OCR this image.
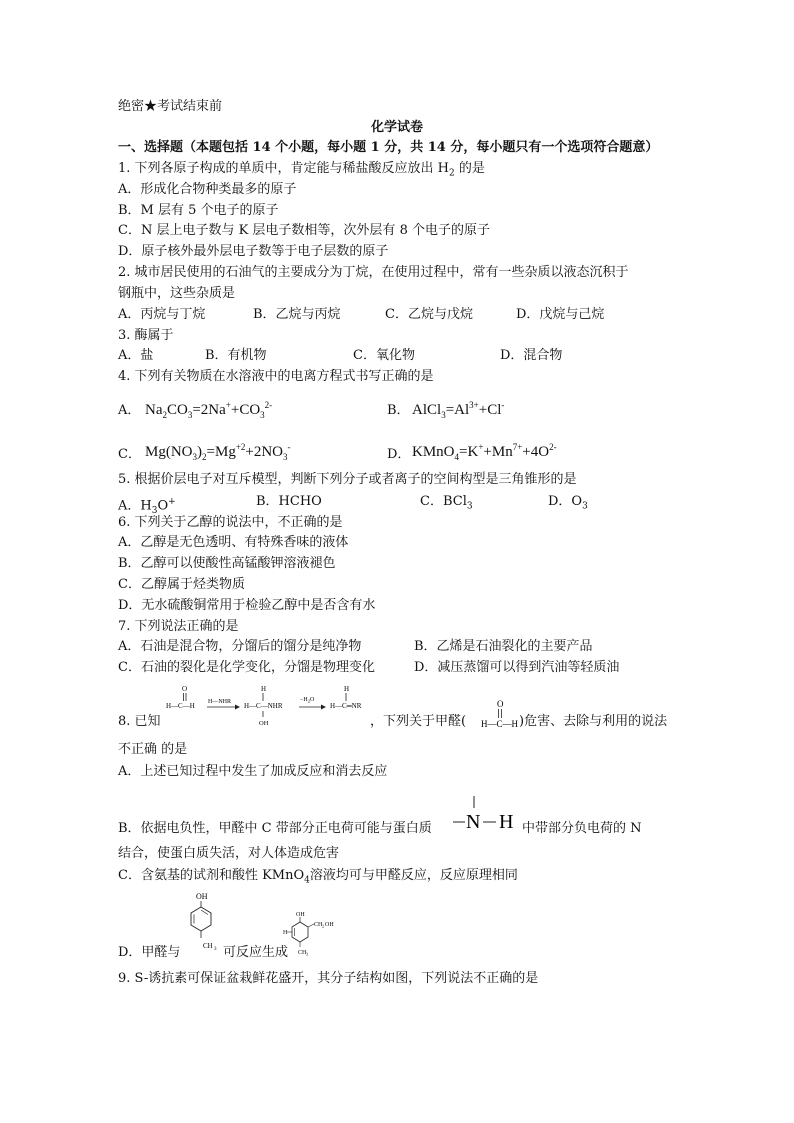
绝密★考试结束前
化学试卷
一、选择题（本题包括 14 个小题，每小题 1 分，共 14 分，每小题只有一个选项符合题意）
1. 下列各原子构成的单质中，肯定能与稀盐酸反应放出 $H_2$ 的是
A．形成化合物种类最多的原子
B．M 层有 5 个电子的原子
C．N 层上电子数与 K 层电子数相等，次外层有 8 个电子的原子
D．原子核外最外层电子数等于电子层数的原子
2. 城市居民使用的石油气的主要成分为丁烷，在使用过程中，常有一些杂质以液态沉积于
钢瓶中，这些杂质是
A．丙烷与丁烷	B．乙烷与丙烷	C．乙烷与戊烷	D．戊烷与己烷
3. 酶属于
A．盐	B．有机物	C．氧化物	D．混合物
4. 下列有关物质在水溶液中的电离方程式书写正确的是
A． $Na_2CO_3=2Na^++CO_3^{2-}$	B． $AlCl_3=Al^{3+}+Cl^-$
C． $Mg(NO_3)_2=Mg^{+2}+2NO_3^-$	D． $KMnO_4=K^++Mn^{7+}+4O^{2-}$
5. 根据价层电子对互斥模型，判断下列分子或者离子的空间构型是三角锥形的是
A．$H_3O^+$	B．HCHO	C．BCl$_3$	D．$O_3$
6. 下列关于乙醇的说法中，不正确的是
A．乙醇是无色透明、有特殊香味的液体
B．乙醇可以使酸性高锰酸钾溶液褪色
C．乙醇属于烃类物质
D．无水硫酸铜常用于检验乙醇中是否含有水
7. 下列说法正确的是
A．石油是混合物，分馏后的馏分是纯净物	B．乙烯是石油裂化的主要产品
C．石油的裂化是化学变化，分馏是物理变化	D．减压蒸馏可以得到汽油等轻质油
O
H—C—H H—NHR
H
H—C—NHR
OH
$-H_2O$
H
H—C═NR
8. 已知	，下列关于甲醛(
O
H—C—H )危害、去除与利用的说法
不正确 的是
A．上述已知过程中发生了加成反应和消去反应
B．依据电负性，甲醛中 C 带部分正电荷可能与蛋白质 N H 中带部分负电荷的 N
结合，使蛋白质失活，对人体造成危害
C．含氨基的试剂和酸性 KMnO$_4$溶液均可与甲醛反应，反应原理相同
D．甲醛与
OH
CH 3 可反应生成
OH
H
CH 2 OH
CH 3
9. S-诱抗素可保证盆栽鲜花盛开，其分子结构如图，下列说法不正确的是
